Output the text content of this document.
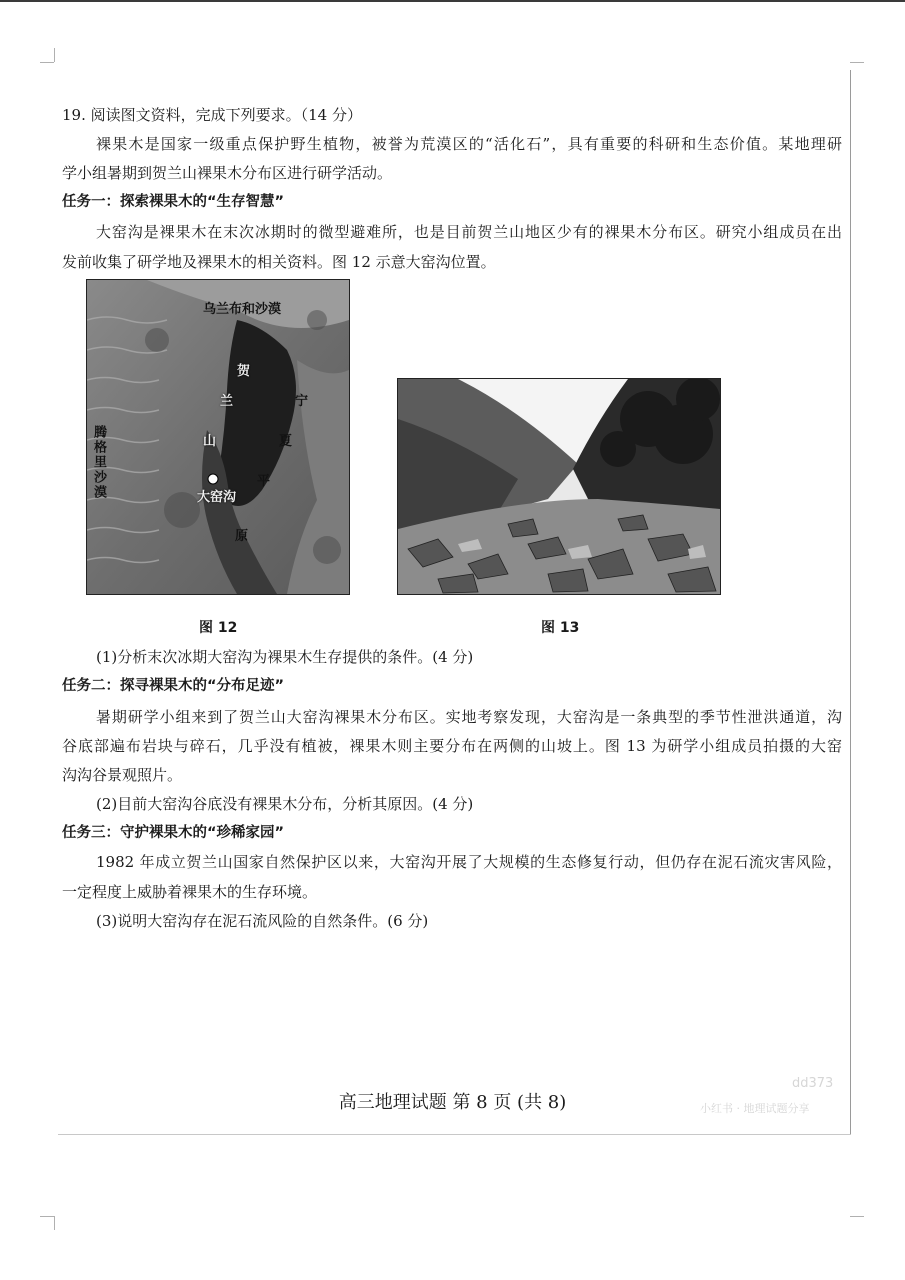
19. 阅读图文资料，完成下列要求。（14 分）
裸果木是国家一级重点保护野生植物，被誉为荒漠区的“活化石”，具有重要的科研和生态价值。某地理研
学小组暑期到贺兰山裸果木分布区进行研学活动。
任务一：探索裸果木的“生存智慧”
大窑沟是裸果木在末次冰期时的微型避难所，也是目前贺兰山地区少有的裸果木分布区。研究小组成员在出
发前收集了研学地及裸果木的相关资料。图 12 示意大窑沟位置。
乌兰布和沙漠
腾格里沙漠
贺
兰
山
宁
夏
平
原
大窑沟
图 12	图 13
(1)分析末次冰期大窑沟为裸果木生存提供的条件。(4 分)
任务二：探寻裸果木的“分布足迹”
暑期研学小组来到了贺兰山大窑沟裸果木分布区。实地考察发现，大窑沟是一条典型的季节性泄洪通道，沟
谷底部遍布岩块与碎石，几乎没有植被，裸果木则主要分布在两侧的山坡上。图 13 为研学小组成员拍摄的大窑
沟沟谷景观照片。
(2)目前大窑沟谷底没有裸果木分布，分析其原因。(4 分)
任务三：守护裸果木的“珍稀家园”
1982 年成立贺兰山国家自然保护区以来，大窑沟开展了大规模的生态修复行动，但仍存在泥石流灾害风险，
一定程度上威胁着裸果木的生存环境。
(3)说明大窑沟存在泥石流风险的自然条件。(6 分)
高三地理试题 第 8 页 (共 8)
dd373
小红书 · 地理试题分享
